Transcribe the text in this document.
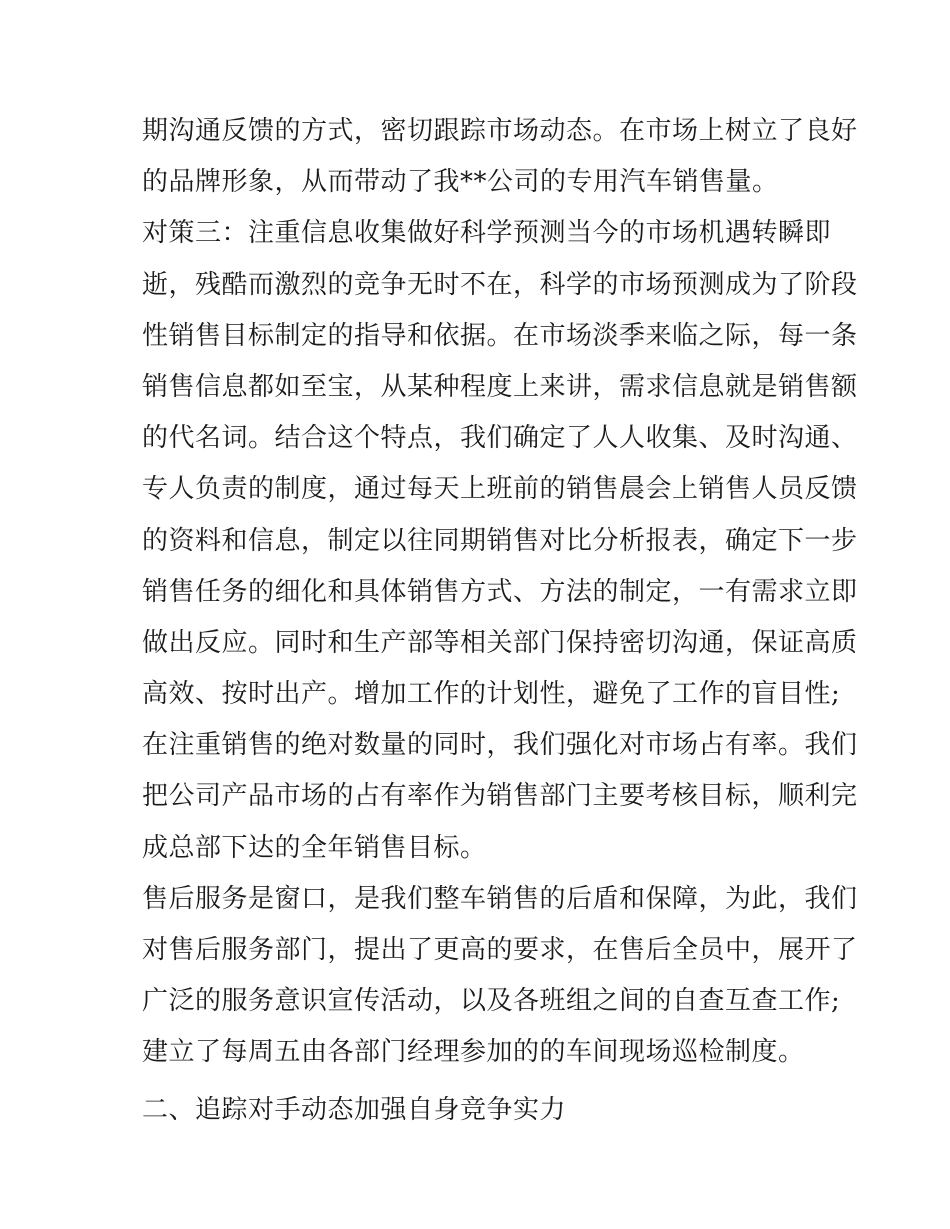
期沟通反馈的方式，密切跟踪市场动态。在市场上树立了良好
的品牌形象，从而带动了我**公司的专用汽车销售量。
对策三：注重信息收集做好科学预测当今的市场机遇转瞬即
逝，残酷而激烈的竞争无时不在，科学的市场预测成为了阶段
性销售目标制定的指导和依据。在市场淡季来临之际，每一条
销售信息都如至宝，从某种程度上来讲，需求信息就是销售额
的代名词。结合这个特点，我们确定了人人收集、及时沟通、
专人负责的制度，通过每天上班前的销售晨会上销售人员反馈
的资料和信息，制定以往同期销售对比分析报表，确定下一步
销售任务的细化和具体销售方式、方法的制定，一有需求立即
做出反应。同时和生产部等相关部门保持密切沟通，保证高质
高效、按时出产。增加工作的计划性，避免了工作的盲目性;
在注重销售的绝对数量的同时，我们强化对市场占有率。我们
把公司产品市场的占有率作为销售部门主要考核目标，顺利完
成总部下达的全年销售目标。
售后服务是窗口，是我们整车销售的后盾和保障，为此，我们
对售后服务部门，提出了更高的要求，在售后全员中，展开了
广泛的服务意识宣传活动，以及各班组之间的自查互查工作;
建立了每周五由各部门经理参加的的车间现场巡检制度。
二、追踪对手动态加强自身竞争实力
